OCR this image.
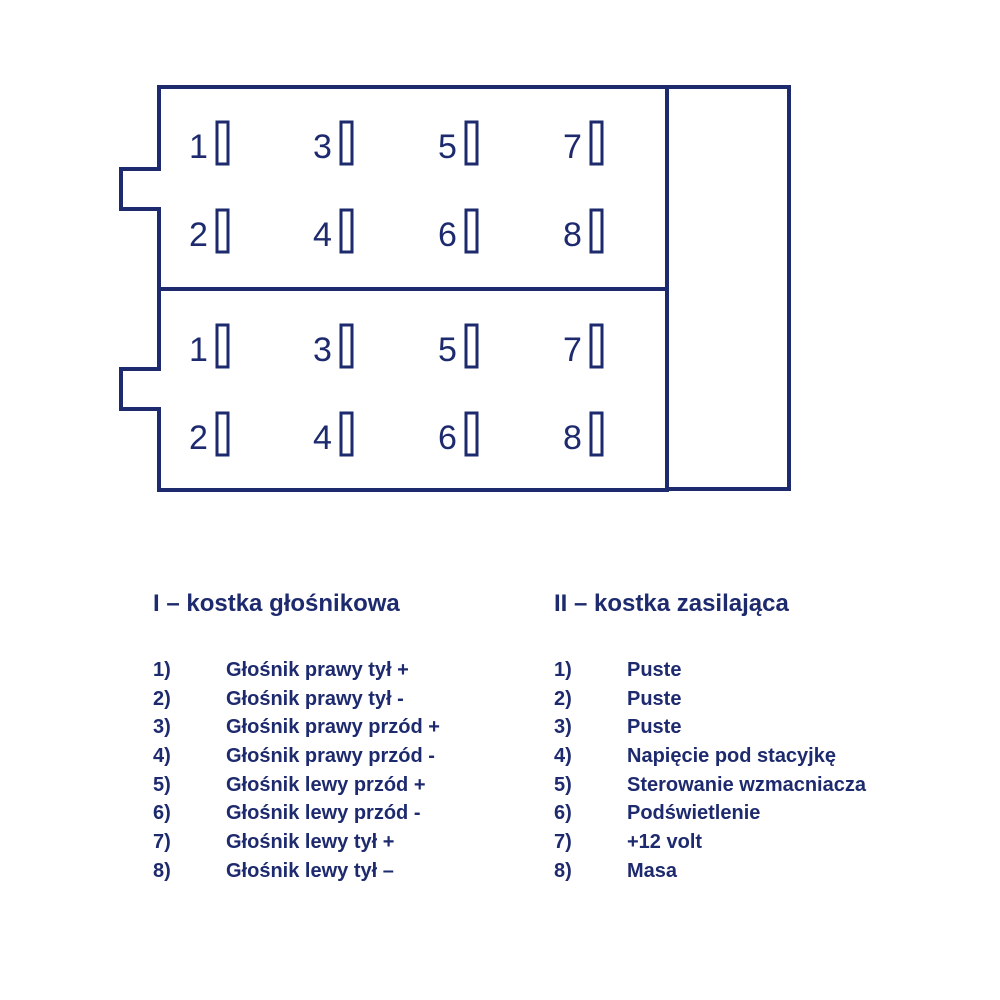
1
2
3
4
5
6
7
8
1
2
3
4
5
6
7
8
I – kostka głośnikowa
1)	Głośnik prawy tył +
2)	Głośnik prawy tył -
3)	Głośnik prawy przód +
4)	Głośnik prawy przód -
5)	Głośnik lewy przód +
6)	Głośnik lewy przód -
7)	Głośnik lewy tył +
8)	Głośnik lewy tył –
II – kostka zasilająca
1)	Puste
2)	Puste
3)	Puste
4)	Napięcie pod stacyjkę
5)	Sterowanie wzmacniacza
6)	Podświetlenie
7)	+12 volt
8)	Masa
